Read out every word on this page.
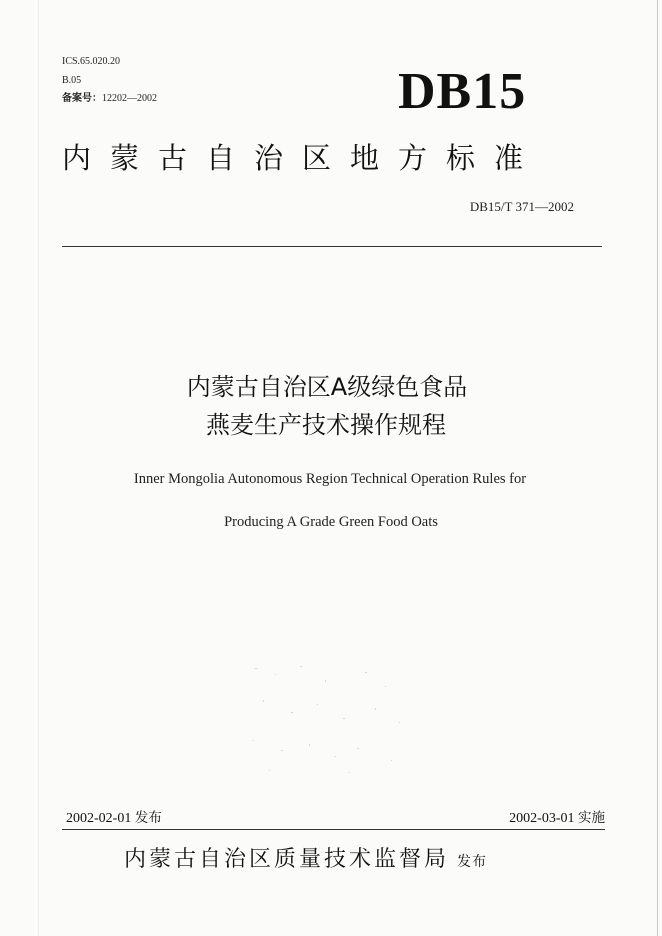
ICS.65.020.20
B.05
备案号：12202—2002	DB15
内蒙古自治区地方标准
DB15/T 371—2002
内蒙古自治区A级绿色食品
燕麦生产技术操作规程
Inner Mongolia Autonomous Region Technical Operation Rules for
Producing A Grade Green Food Oats
2002-02-01 发布	2002-03-01 实施
内蒙古自治区质量技术监督局 发布
